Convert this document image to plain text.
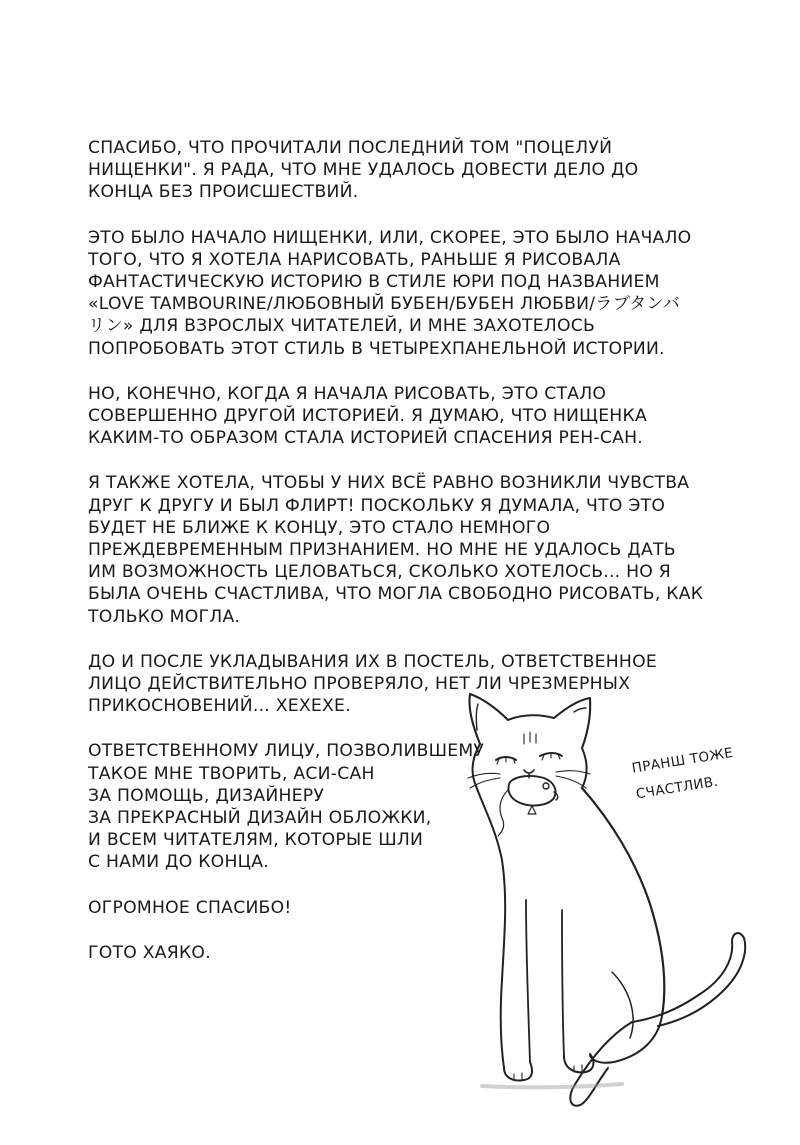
СПАСИБО, ЧТО ПРОЧИТАЛИ ПОСЛЕДНИЙ ТОМ "ПОЦЕЛУЙ
НИЩЕНКИ". Я РАДА, ЧТО МНЕ УДАЛОСЬ ДОВЕСТИ ДЕЛО ДО
КОНЦА БЕЗ ПРОИСШЕСТВИЙ.

ЭТО БЫЛО НАЧАЛО НИЩЕНКИ, ИЛИ, СКОРЕЕ, ЭТО БЫЛО НАЧАЛО
ТОГО, ЧТО Я ХОТЕЛА НАРИСОВАТЬ, РАНЬШЕ Я РИСОВАЛА
ФАНТАСТИЧЕСКУЮ ИСТОРИЮ В СТИЛЕ ЮРИ ПОД НАЗВАНИЕМ
«LOVE TAMBOURINE/ЛЮБОВНЫЙ БУБЕН/БУБЕН ЛЮБВИ/ラブタンバ
リン» ДЛЯ ВЗРОСЛЫХ ЧИТАТЕЛЕЙ, И МНЕ ЗАХОТЕЛОСЬ
ПОПРОБОВАТЬ ЭТОТ СТИЛЬ В ЧЕТЫРЕХПАНЕЛЬНОЙ ИСТОРИИ.

НО, КОНЕЧНО, КОГДА Я НАЧАЛА РИСОВАТЬ, ЭТО СТАЛО
СОВЕРШЕННО ДРУГОЙ ИСТОРИЕЙ. Я ДУМАЮ, ЧТО НИЩЕНКА
КАКИМ-ТО ОБРАЗОМ СТАЛА ИСТОРИЕЙ СПАСЕНИЯ РЕН-САН.

Я ТАКЖЕ ХОТЕЛА, ЧТОБЫ У НИХ ВСЁ РАВНО ВОЗНИКЛИ ЧУВСТВА
ДРУГ К ДРУГУ И БЫЛ ФЛИРТ! ПОСКОЛЬКУ Я ДУМАЛА, ЧТО ЭТО
БУДЕТ НЕ БЛИЖЕ К КОНЦУ, ЭТО СТАЛО НЕМНОГО
ПРЕЖДЕВРЕМЕННЫМ ПРИЗНАНИЕМ. НО МНЕ НЕ УДАЛОСЬ ДАТЬ
ИМ ВОЗМОЖНОСТЬ ЦЕЛОВАТЬСЯ, СКОЛЬКО ХОТЕЛОСЬ... НО Я
БЫЛА ОЧЕНЬ СЧАСТЛИВА, ЧТО МОГЛА СВОБОДНО РИСОВАТЬ, КАК
ТОЛЬКО МОГЛА.

ДО И ПОСЛЕ УКЛАДЫВАНИЯ ИХ В ПОСТЕЛЬ, ОТВЕТСТВЕННОЕ
ЛИЦО ДЕЙСТВИТЕЛЬНО ПРОВЕРЯЛО, НЕТ ЛИ ЧРЕЗМЕРНЫХ
ПРИКОСНОВЕНИЙ... ХЕХЕХЕ.

ОТВЕТСТВЕННОМУ ЛИЦУ, ПОЗВОЛИВШЕМУ
ТАКОЕ МНЕ ТВОРИТЬ, АСИ-САН
ЗА ПОМОЩЬ, ДИЗАЙНЕРУ
ЗА ПРЕКРАСНЫЙ ДИЗАЙН ОБЛОЖКИ,
И ВСЕМ ЧИТАТЕЛЯМ, КОТОРЫЕ ШЛИ
С НАМИ ДО КОНЦА.

ОГРОМНОЕ СПАСИБО!

ГОТО ХАЯКО.

ПРАНШ ТОЖЕ
СЧАСТЛИВ.
